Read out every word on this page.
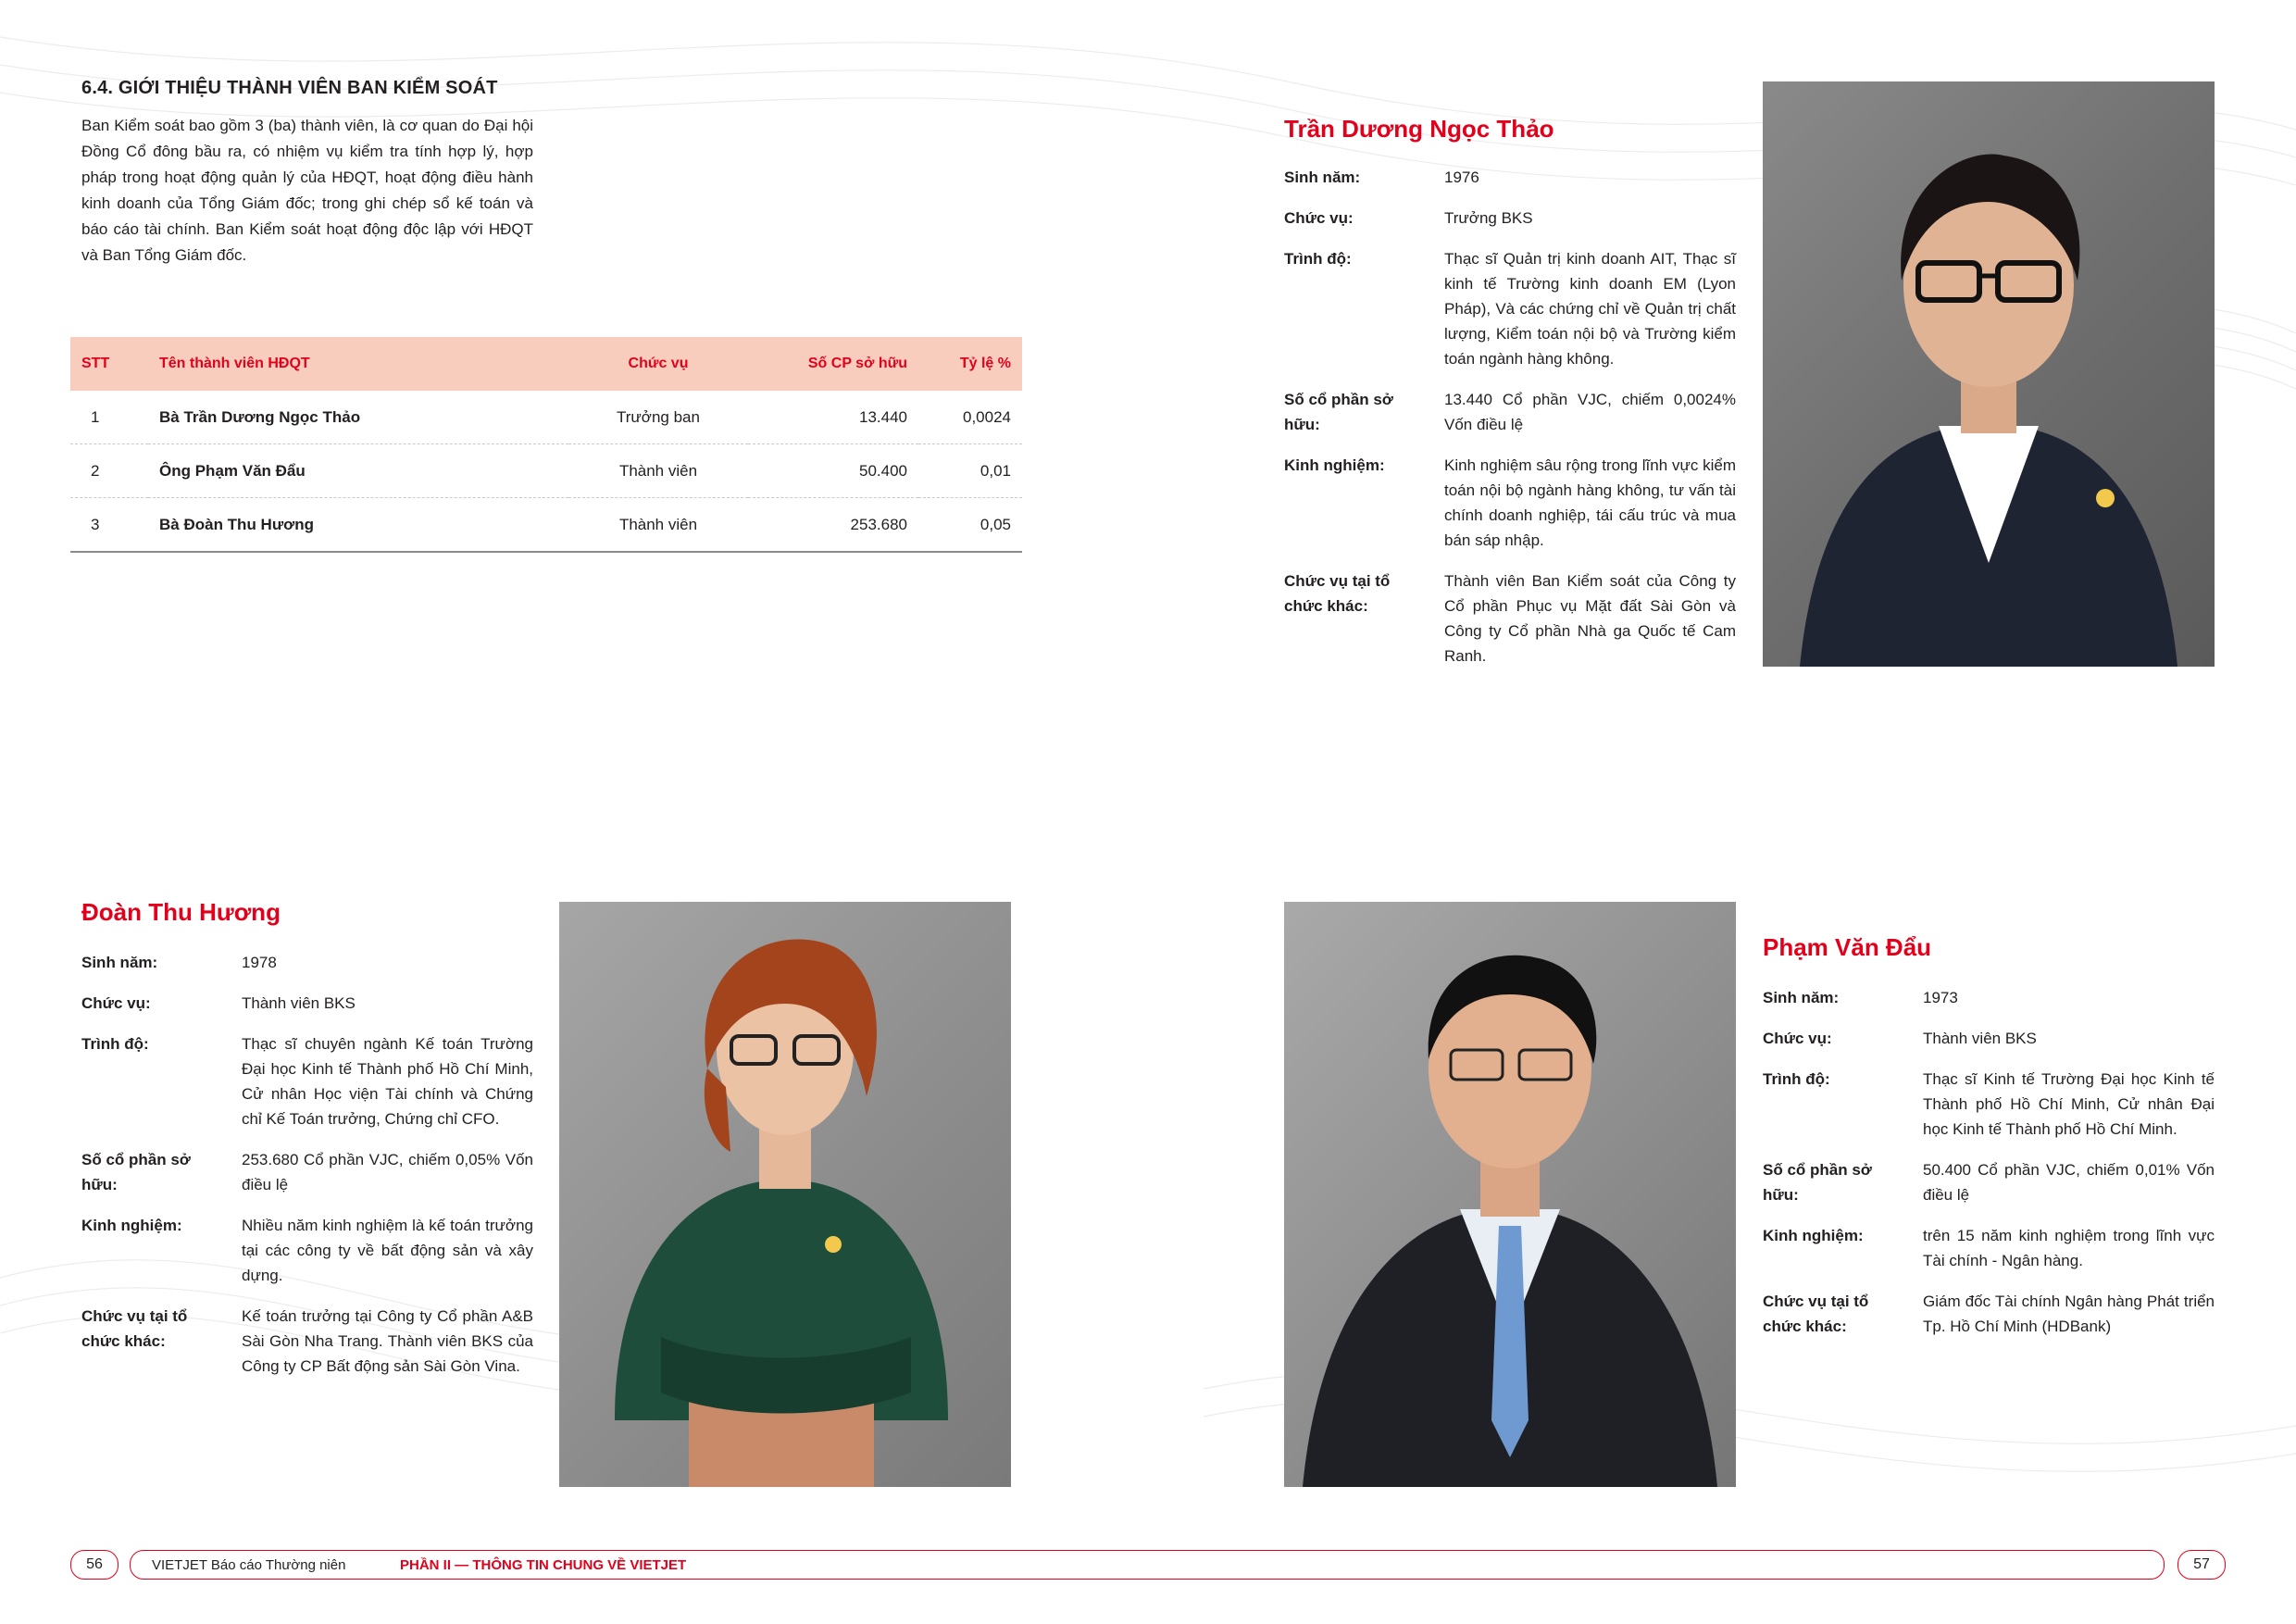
6.4. GIỚI THIỆU THÀNH VIÊN BAN KIỂM SOÁT
Ban Kiểm soát bao gồm 3 (ba) thành viên, là cơ quan do Đại hội Đồng Cổ đông bầu ra, có nhiệm vụ kiểm tra tính hợp lý, hợp pháp trong hoạt động quản lý của HĐQT, hoạt động điều hành kinh doanh của Tổng Giám đốc; trong ghi chép sổ kế toán và báo cáo tài chính. Ban Kiểm soát hoạt động độc lập với HĐQT và Ban Tổng Giám đốc.
STT	Tên thành viên HĐQT	Chức vụ	Số CP sở hữu	Tỷ lệ %
1	Bà Trần Dương Ngọc Thảo	Trưởng ban	13.440	0,0024
2	Ông Phạm Văn Đẩu	Thành viên	50.400	0,01
3	Bà Đoàn Thu Hương	Thành viên	253.680	0,05
Trần Dương Ngọc Thảo
Sinh năm:	1976
Chức vụ:	Trưởng BKS
Trình độ:	Thạc sĩ Quản trị kinh doanh AIT, Thạc sĩ kinh tế Trường kinh doanh EM (Lyon Pháp), Và các chứng chỉ về Quản trị chất lượng, Kiểm toán nội bộ và Trường kiểm toán ngành hàng không.
Số cổ phần sở hữu:
13.440 Cổ phần VJC, chiếm 0,0024% Vốn điều lệ
Kinh nghiệm:	Kinh nghiệm sâu rộng trong lĩnh vực kiểm toán nội bộ ngành hàng không, tư vấn tài chính doanh nghiệp, tái cấu trúc và mua bán sáp nhập.
Chức vụ tại tổ chức khác:
Thành viên Ban Kiểm soát của Công ty Cổ phần Phục vụ Mặt đất Sài Gòn và Công ty Cổ phần Nhà ga Quốc tế Cam Ranh.
Đoàn Thu Hương
Sinh năm:	1978
Chức vụ:	Thành viên BKS
Trình độ:	Thạc sĩ chuyên ngành Kế toán Trường Đại học Kinh tế Thành phố Hồ Chí Minh, Cử nhân Học viện Tài chính và Chứng chỉ Kế Toán trưởng, Chứng chỉ CFO.
Số cổ phần sở hữu:
253.680 Cổ phần VJC, chiếm 0,05% Vốn điều lệ
Kinh nghiệm:	Nhiều năm kinh nghiệm là kế toán trưởng tại các công ty về bất động sản và xây dựng.
Chức vụ tại tổ chức khác:
Kế toán trưởng tại Công ty Cổ phần A&B Sài Gòn Nha Trang. Thành viên BKS của Công ty CP Bất động sản Sài Gòn Vina.
Phạm Văn Đẩu
Sinh năm:	1973
Chức vụ:	Thành viên BKS
Trình độ:	Thạc sĩ Kinh tế Trường Đại học Kinh tế Thành phố Hồ Chí Minh, Cử nhân Đại học Kinh tế Thành phố Hồ Chí Minh.
Số cổ phần sở hữu:
50.400 Cổ phần VJC, chiếm 0,01% Vốn điều lệ
Kinh nghiệm:	trên 15 năm kinh nghiệm trong lĩnh vực Tài chính - Ngân hàng.
Chức vụ tại tổ chức khác:
Giám đốc Tài chính Ngân hàng Phát triển Tp. Hồ Chí Minh (HDBank)
56	57
VIETJET Báo cáo Thường niên	PHẦN II — THÔNG TIN CHUNG VỀ VIETJET
